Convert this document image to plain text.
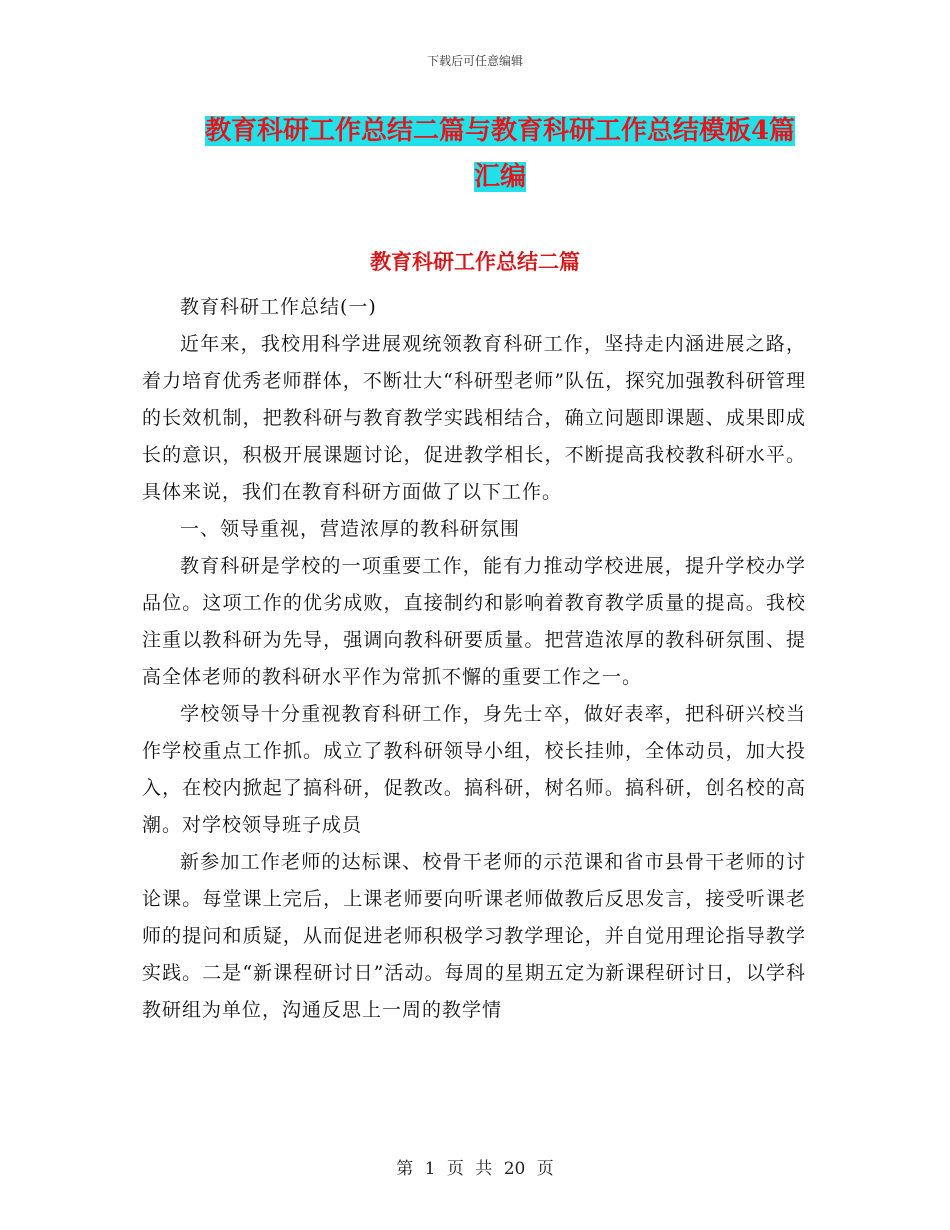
下载后可任意编辑
教育科研工作总结二篇与教育科研工作总结模板4篇
汇编
教育科研工作总结二篇

教育科研工作总结(一)

近年来，我校用科学进展观统领教育科研工作，坚持走内涵进展之路，着力培育优秀老师群体，不断壮大“科研型老师”队伍，探究加强教科研管理的长效机制，把教科研与教育教学实践相结合，确立问题即课题、成果即成长的意识，积极开展课题讨论，促进教学相长，不断提高我校教科研水平。具体来说，我们在教育科研方面做了以下工作。

一、领导重视，营造浓厚的教科研氛围

教育科研是学校的一项重要工作，能有力推动学校进展，提升学校办学品位。这项工作的优劣成败，直接制约和影响着教育教学质量的提高。我校注重以教科研为先导，强调向教科研要质量。把营造浓厚的教科研氛围、提高全体老师的教科研水平作为常抓不懈的重要工作之一。

学校领导十分重视教育科研工作，身先士卒，做好表率，把科研兴校当作学校重点工作抓。成立了教科研领导小组，校长挂帅，全体动员，加大投入，在校内掀起了搞科研，促教改。搞科研，树名师。搞科研，创名校的高潮。对学校领导班子成员

新参加工作老师的达标课、校骨干老师的示范课和省市县骨干老师的讨论课。每堂课上完后，上课老师要向听课老师做教后反思发言，接受听课老师的提问和质疑，从而促进老师积极学习教学理论，并自觉用理论指导教学实践。二是“新课程研讨日”活动。每周的星期五定为新课程研讨日，以学科教研组为单位，沟通反思上一周的教学情

第 1 页 共 20 页
